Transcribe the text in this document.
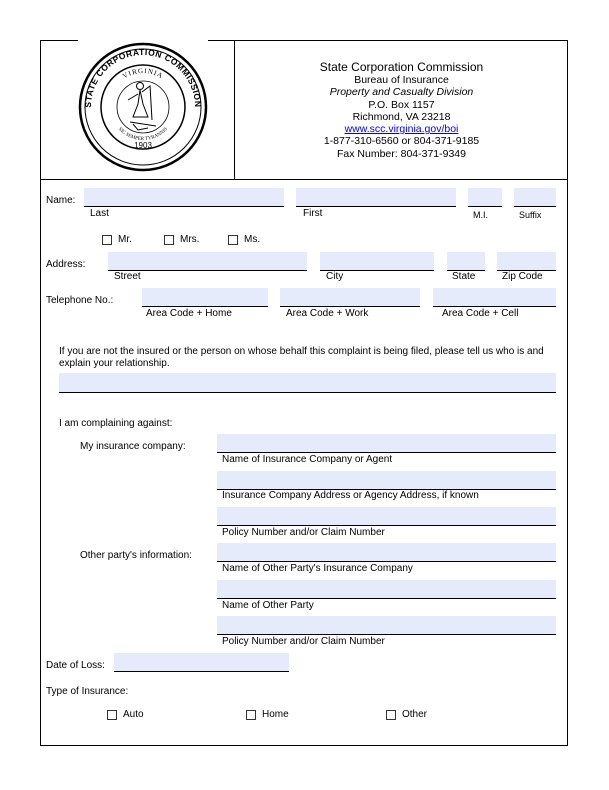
STATE CORPORATION COMMISSION
VIRGINIA
SIC SEMPER TYRANNIS
1903
State Corporation Commission
Bureau of Insurance
Property and Casualty Division
P.O. Box 1157
Richmond, VA 23218
www.scc.virginia.gov/boi
1-877-310-6560 or 804-371-9185
Fax Number: 804-371-9349
Name:
Last	First	M.I.	Suffix
Mr.	Mrs.	Ms.
Address:
Street	City	State	Zip Code
Telephone No.:
Area Code + Home	Area Code + Work	Area Code + Cell
If you are not the insured or the person on whose behalf this complaint is being filed, please tell us who is and explain your relationship.
I am complaining against:
My insurance company:
Name of Insurance Company or Agent
Insurance Company Address or Agency Address, if known
Policy Number and/or Claim Number
Other party's information:
Name of Other Party's Insurance Company
Name of Other Party
Policy Number and/or Claim Number
Date of Loss:
Type of Insurance:
Auto	Home	Other
